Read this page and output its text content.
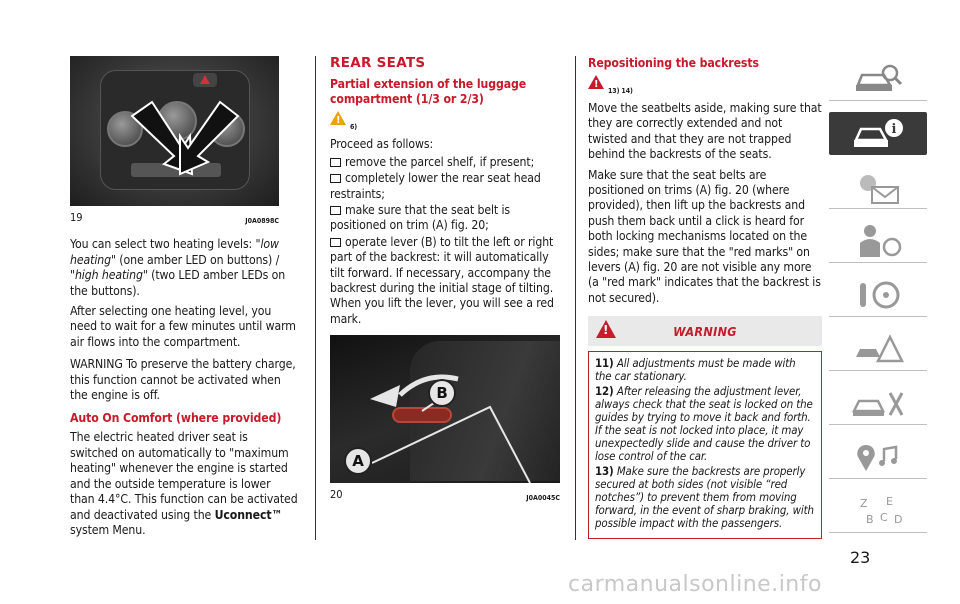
19	J0A0898C

You can select two heating levels: "low heating" (one amber LED on buttons) / "high heating" (two LED amber LEDs on the buttons).

After selecting one heating level, you need to wait for a few minutes until warm air flows into the compartment.

WARNING To preserve the battery charge, this function cannot be activated when the engine is off.

Auto On Comfort (where provided)

The electric heated driver seat is switched on automatically to "maximum heating" whenever the engine is started and the outside temperature is lower than 4.4°C. This function can be activated and deactivated using the Uconnect™ system Menu.

REAR SEATS
Partial extension of the luggage compartment (1/3 or 2/3)
!
6)

Proceed as follows:

remove the parcel shelf, if present;

completely lower the rear seat head restraints;

make sure that the seat belt is positioned on trim (A) fig. 20;

operate lever (B) to tilt the left or right part of the backrest: it will automatically tilt forward. If necessary, accompany the backrest during the initial stage of tilting. When you lift the lever, you will see a red mark.

B
A
20	J0A0045C
Repositioning the backrests
!
13) 14)

Move the seatbelts aside, making sure that they are correctly extended and not twisted and that they are not trapped behind the backrests of the seats.

Make sure that the seat belts are positioned on trims (A) fig. 20 (where provided), then lift up the backrests and push them back until a click is heard for both locking mechanisms located on the sides; make sure that the "red marks" on levers (A) fig. 20 are not visible any more (a "red mark" indicates that the backrest is not secured).

!
WARNING

11) All adjustments must be made with the car stationary.

12) After releasing the adjustment lever, always check that the seat is locked on the guides by trying to move it back and forth. If the seat is not locked into place, it may unexpectedly slide and cause the driver to lose control of the car.

13) Make sure the backrests are properly secured at both sides (not visible “red notches”) to prevent them from moving forward, in the event of sharp braking, with possible impact with the passengers.

i
Z E
B C D
23
carmanualsonline.info
